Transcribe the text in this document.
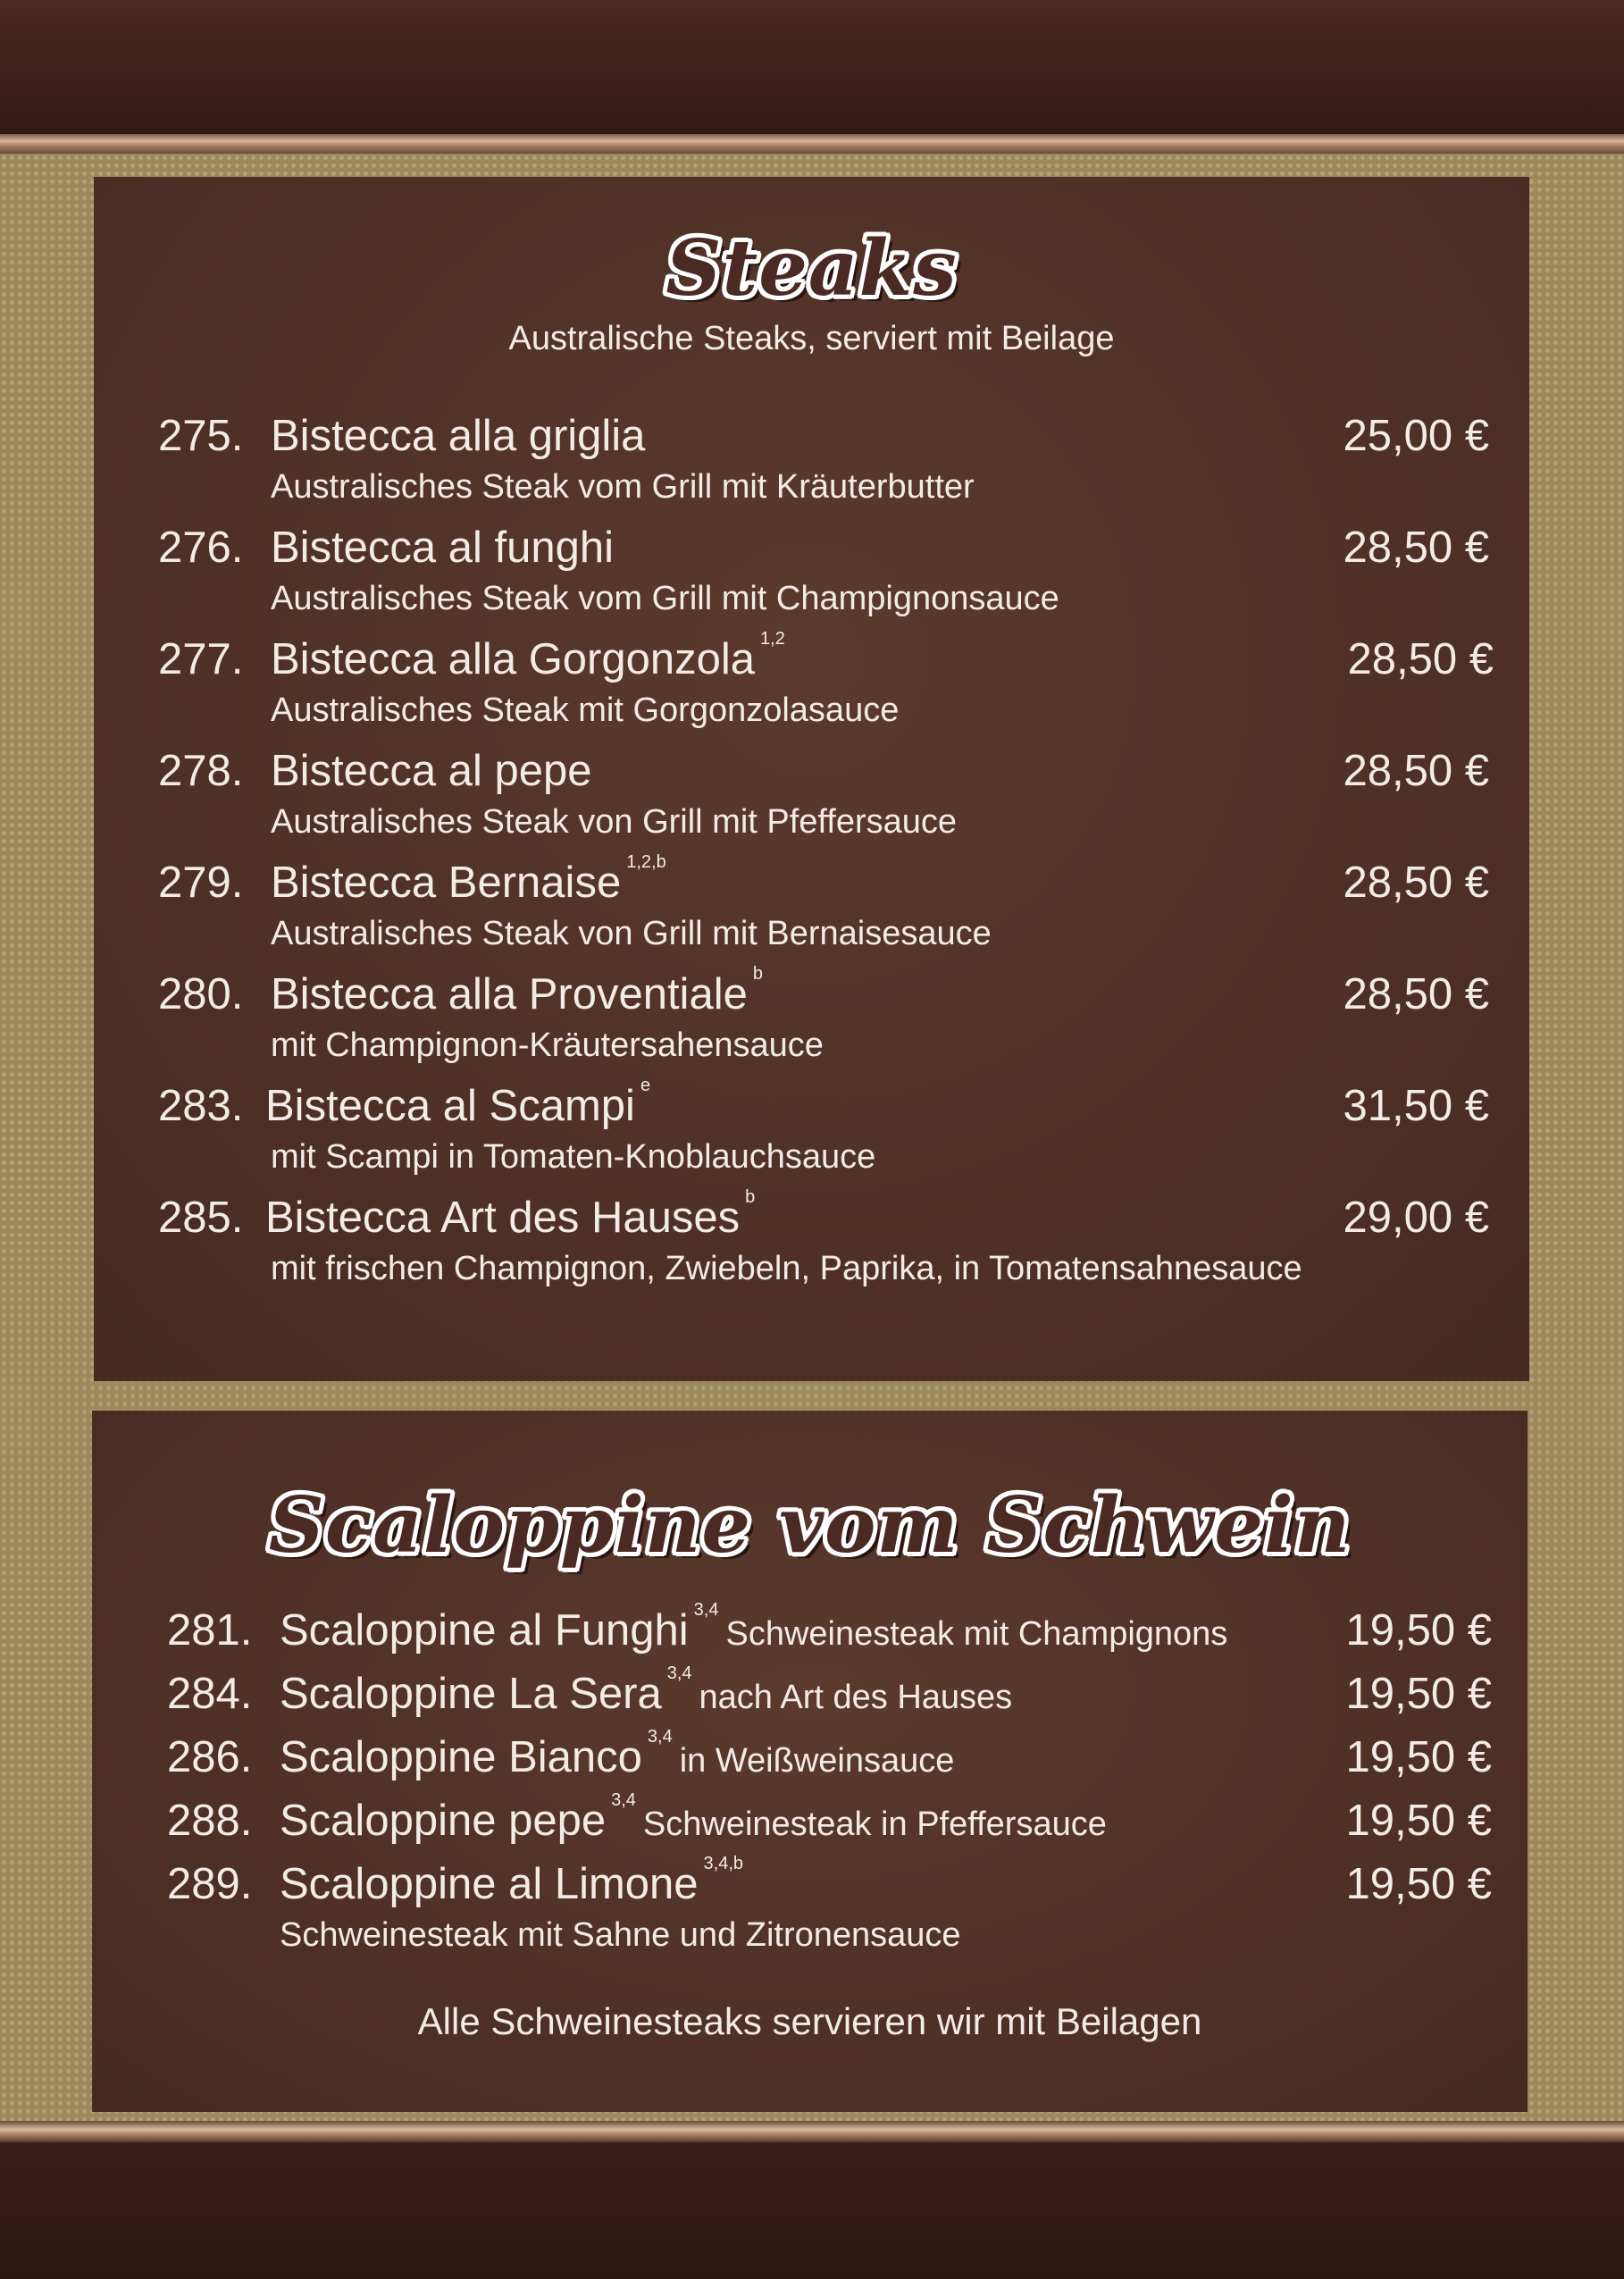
Steaks
Australische Steaks, serviert mit Beilage
275. Bistecca alla griglia	25,00 €
Australisches Steak vom Grill mit Kräuterbutter
276. Bistecca al funghi	28,50 €
Australisches Steak vom Grill mit Champignonsauce
277. Bistecca alla Gorgonzola $^{1,2}$	28,50 €
Australisches Steak mit Gorgonzolasauce
278. Bistecca al pepe	28,50 €
Australisches Steak von Grill mit Pfeffersauce
279. Bistecca Bernaise $^{1,2,b}$	28,50 €
Australisches Steak von Grill mit Bernaisesauce
280. Bistecca alla Proventiale $^b$	28,50 €
mit Champignon-Kräutersahensauce
283. Bistecca al Scampi $^e$	31,50 €
mit Scampi in Tomaten-Knoblauchsauce
285. Bistecca Art des Hauses $^b$	29,00 €
mit frischen Champignon, Zwiebeln, Paprika, in Tomatensahnesauce
Scaloppine vom Schwein
281. Scaloppine al Funghi $^{3,4}$Schweinesteak mit Champignons	19,50 €
284. Scaloppine La Sera $^{3,4}$nach Art des Hauses	19,50 €
286. Scaloppine Bianco $^{3,4}$in Weißweinsauce	19,50 €
288. Scaloppine pepe $^{3,4}$Schweinesteak in Pfeffersauce	19,50 €
289. Scaloppine al Limone $^{3,4,b}$	19,50 €
Schweinesteak mit Sahne und Zitronensauce
Alle Schweinesteaks servieren wir mit Beilagen
